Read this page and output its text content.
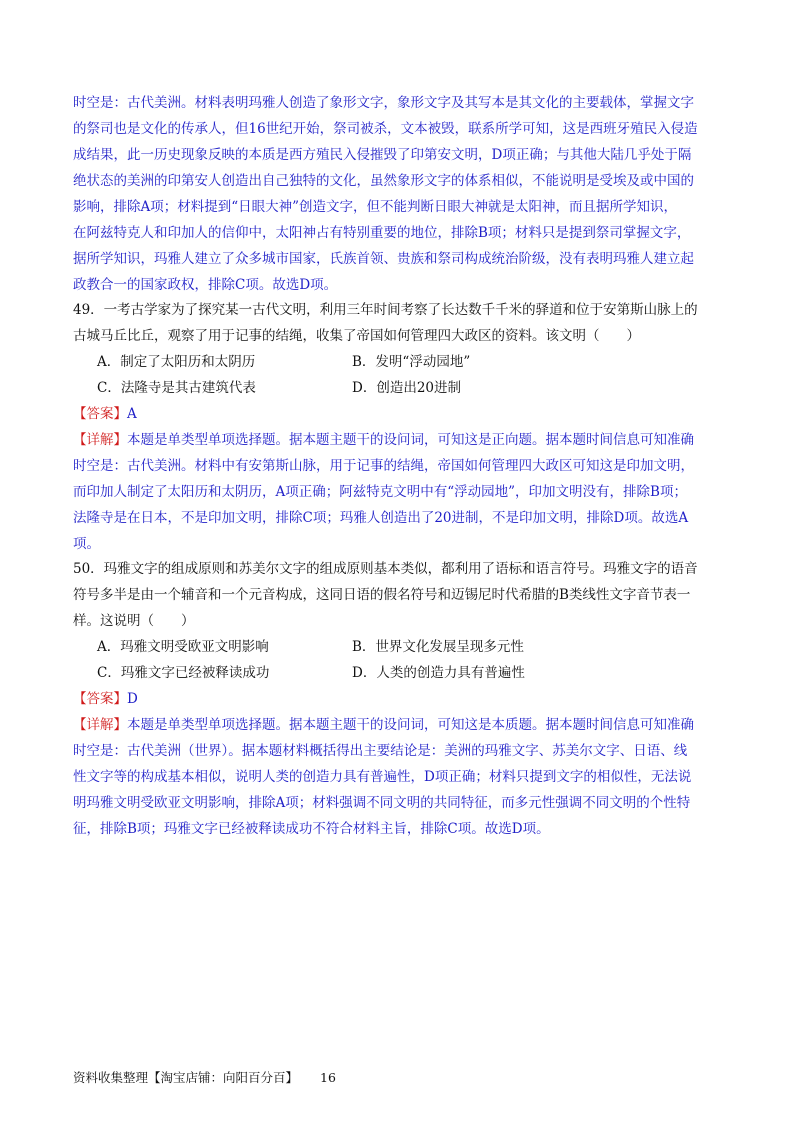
时空是：古代美洲。材料表明玛雅人创造了象形文字，象形文字及其写本是其文化的主要载体，掌握文字
的祭司也是文化的传承人，但16世纪开始，祭司被杀，文本被毁，联系所学可知，这是西班牙殖民入侵造
成结果，此一历史现象反映的本质是西方殖民入侵摧毁了印第安文明，D项正确；与其他大陆几乎处于隔
绝状态的美洲的印第安人创造出自己独特的文化，虽然象形文字的体系相似，不能说明是受埃及或中国的
影响，排除A项；材料提到“日眼大神”创造文字，但不能判断日眼大神就是太阳神，而且据所学知识，
在阿兹特克人和印加人的信仰中，太阳神占有特别重要的地位，排除B项；材料只是提到祭司掌握文字，
据所学知识，玛雅人建立了众多城市国家，氏族首领、贵族和祭司构成统治阶级，没有表明玛雅人建立起
政教合一的国家政权，排除C项。故选D项。
49．一考古学家为了探究某一古代文明，利用三年时间考察了长达数千千米的驿道和位于安第斯山脉上的
古城马丘比丘，观察了用于记事的结绳，收集了帝国如何管理四大政区的资料。该文明（　　）
A．制定了太阳历和太阴历	B．发明“浮动园地”
C．法隆寺是其古建筑代表	D．创造出20进制
【答案】A
【详解】本题是单类型单项选择题。据本题主题干的设问词，可知这是正向题。据本题时间信息可知准确
时空是：古代美洲。材料中有安第斯山脉，用于记事的结绳，帝国如何管理四大政区可知这是印加文明，
而印加人制定了太阳历和太阴历，A项正确；阿兹特克文明中有“浮动园地”，印加文明没有，排除B项；
法隆寺是在日本，不是印加文明，排除C项；玛雅人创造出了20进制，不是印加文明，排除D项。故选A
项。
50．玛雅文字的组成原则和苏美尔文字的组成原则基本类似，都利用了语标和语言符号。玛雅文字的语音
符号多半是由一个辅音和一个元音构成，这同日语的假名符号和迈锡尼时代希腊的B类线性文字音节表一
样。这说明（　　）
A．玛雅文明受欧亚文明影响	B．世界文化发展呈现多元性
C．玛雅文字已经被释读成功	D．人类的创造力具有普遍性
【答案】D
【详解】本题是单类型单项选择题。据本题主题干的设问词，可知这是本质题。据本题时间信息可知准确
时空是：古代美洲（世界）。据本题材料概括得出主要结论是：美洲的玛雅文字、苏美尔文字、日语、线
性文字等的构成基本相似，说明人类的创造力具有普遍性，D项正确；材料只提到文字的相似性，无法说
明玛雅文明受欧亚文明影响，排除A项；材料强调不同文明的共同特征，而多元性强调不同文明的个性特
征，排除B项；玛雅文字已经被释读成功不符合材料主旨，排除C项。故选D项。
资料收集整理【淘宝店铺：向阳百分百】 16
